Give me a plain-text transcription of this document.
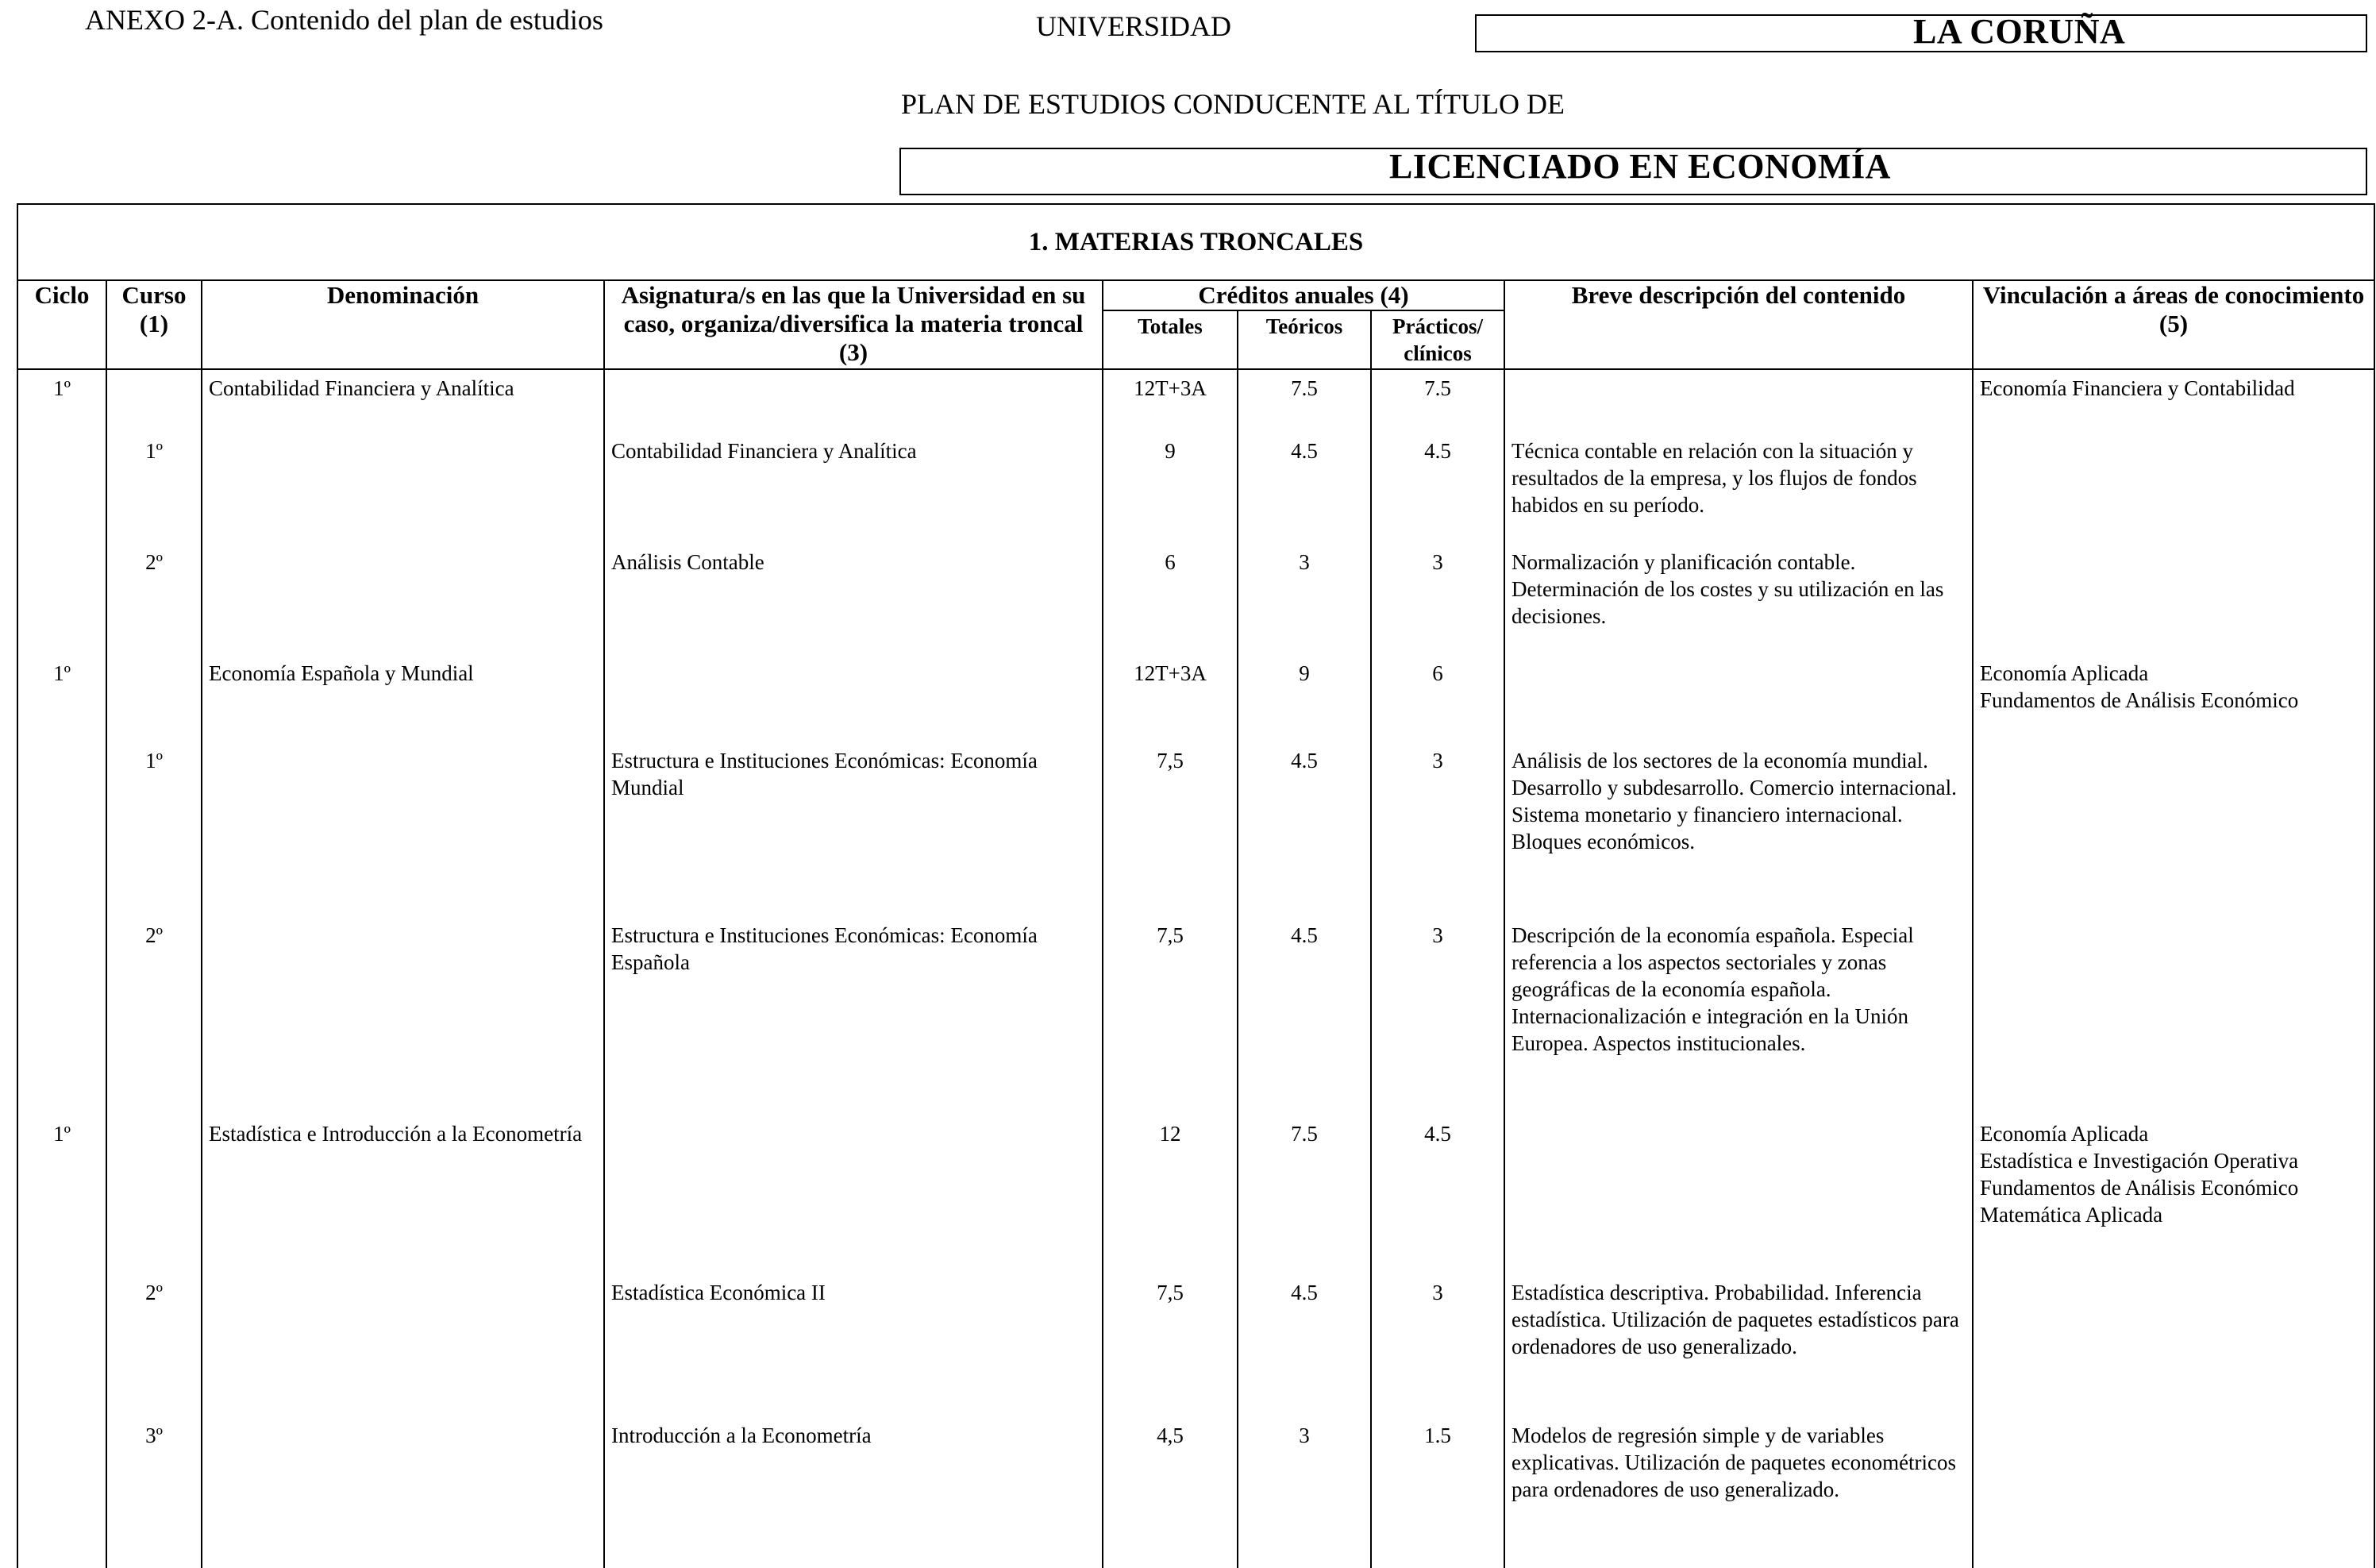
ANEXO 2-A. Contenido del plan de estudios	UNIVERSIDAD	LA CORUÑA
PLAN DE ESTUDIOS CONDUCENTE AL TÍTULO DE
LICENCIADO EN ECONOMÍA
1. MATERIAS TRONCALES								
Ciclo	Curso (1)	Denominación	Asignatura/s en las que la Universidad en su caso, organiza/diversifica la materia troncal (3)	Créditos anuales (4)			Breve descripción del contenido	Vinculación a áreas de conocimiento (5)
				Totales	Teóricos	Prácticos/ clínicos		
1º		Contabilidad Financiera y Analítica		12T+3A	7.5	7.5		Economía Financiera y Contabilidad
	1º		Contabilidad Financiera y Analítica	9	4.5	4.5	Técnica contable en relación con la situación y resultados de la empresa, y los flujos de fondos habidos en su período.	
	2º		Análisis Contable	6	3	3	Normalización y planificación contable. Determinación de los costes y su utilización en las decisiones.	
1º		Economía Española y Mundial		12T+3A	9	6		Economía Aplicada
Fundamentos de Análisis Económico
	1º		Estructura e Instituciones Económicas: Economía Mundial	7,5	4.5	3	Análisis de los sectores de la economía mundial. Desarrollo y subdesarrollo. Comercio internacional. Sistema monetario y financiero internacional. Bloques económicos.	
	2º		Estructura e Instituciones Económicas: Economía Española	7,5	4.5	3	Descripción de la economía española. Especial referencia a los aspectos sectoriales y zonas geográficas de la economía española. Internacionalización e integración en la Unión Europea. Aspectos institucionales.	
1º		Estadística e Introducción a la Econometría		12	7.5	4.5		Economía Aplicada
Estadística e Investigación Operativa
Fundamentos de Análisis Económico
Matemática Aplicada
	2º		Estadística Económica II	7,5	4.5	3	Estadística descriptiva. Probabilidad. Inferencia estadística. Utilización de paquetes estadísticos para ordenadores de uso generalizado.	
	3º		Introducción a la Econometría	4,5	3	1.5	Modelos de regresión simple y de variables explicativas. Utilización de paquetes econométricos para ordenadores de uso generalizado.	
